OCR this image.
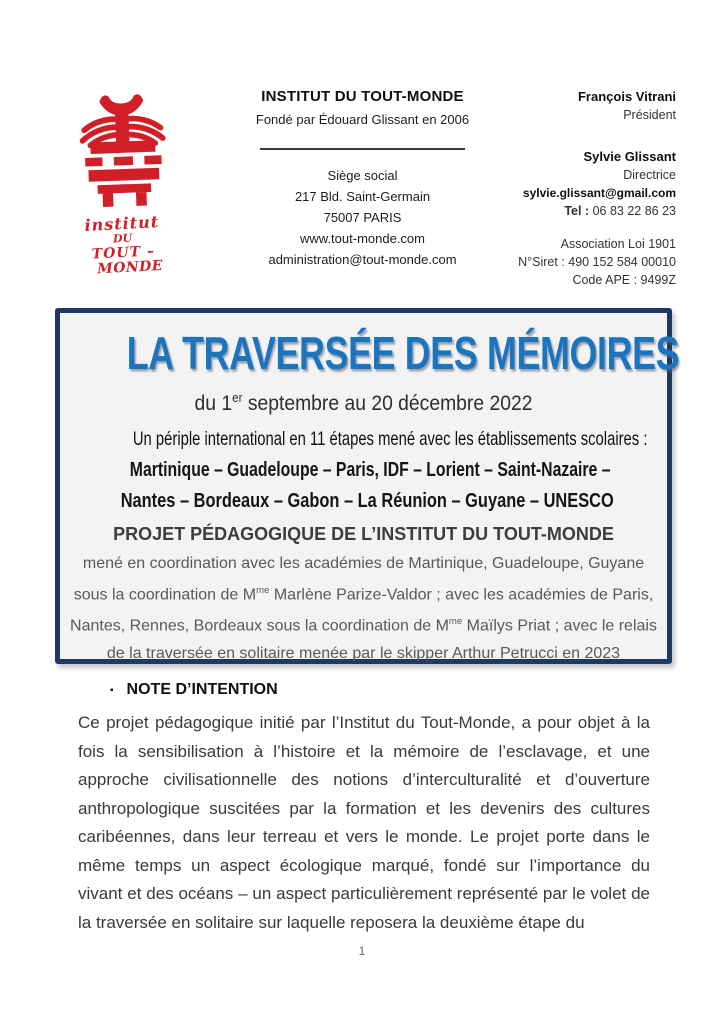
institut
DU
TOUT –
MONDE
INSTITUT DU TOUT-MONDE
Fondé par Édouard Glissant en 2006
Siège social
217 Bld. Saint-Germain
75007 PARIS
www.tout-monde.com
administration@tout-monde.com
François Vitrani
Président
Sylvie Glissant
Directrice
sylvie.glissant@gmail.com
Tel : 06 83 22 86 23
Association Loi 1901
N°Siret : 490 152 584 00010
Code APE : 9499Z
LA TRAVERSÉE DES MÉMOIRES
du 1er septembre au 20 décembre 2022
Un périple international en 11 étapes mené avec les établissements scolaires :
Martinique – Guadeloupe – Paris, IDF – Lorient – Saint-Nazaire –
Nantes – Bordeaux – Gabon – La Réunion – Guyane – UNESCO
PROJET PÉDAGOGIQUE DE L’INSTITUT DU TOUT-MONDE
mené en coordination avec les académies de Martinique, Guadeloupe, Guyane sous la coordination de $M^{me}$ Marlène Parize-Valdor ; avec les académies de Paris, Nantes, Rennes, Bordeaux sous la coordination de $M^{me}$ Maïlys Priat ; avec le relais de la traversée en solitaire menée par le skipper Arthur Petrucci en 2023
▪ NOTE D’INTENTION
Ce projet pédagogique initié par l’Institut du Tout-Monde, a pour objet à la fois la sensibilisation à l’histoire et la mémoire de l’esclavage, et une approche civilisationnelle des notions d’interculturalité et d’ouverture anthropologique suscitées par la formation et les devenirs des cultures caribéennes, dans leur terreau et vers le monde. Le projet porte dans le même temps un aspect écologique marqué, fondé sur l’importance du vivant et des océans – un aspect particulièrement représenté par le volet de la traversée en solitaire sur laquelle reposera la deuxième étape du
1
